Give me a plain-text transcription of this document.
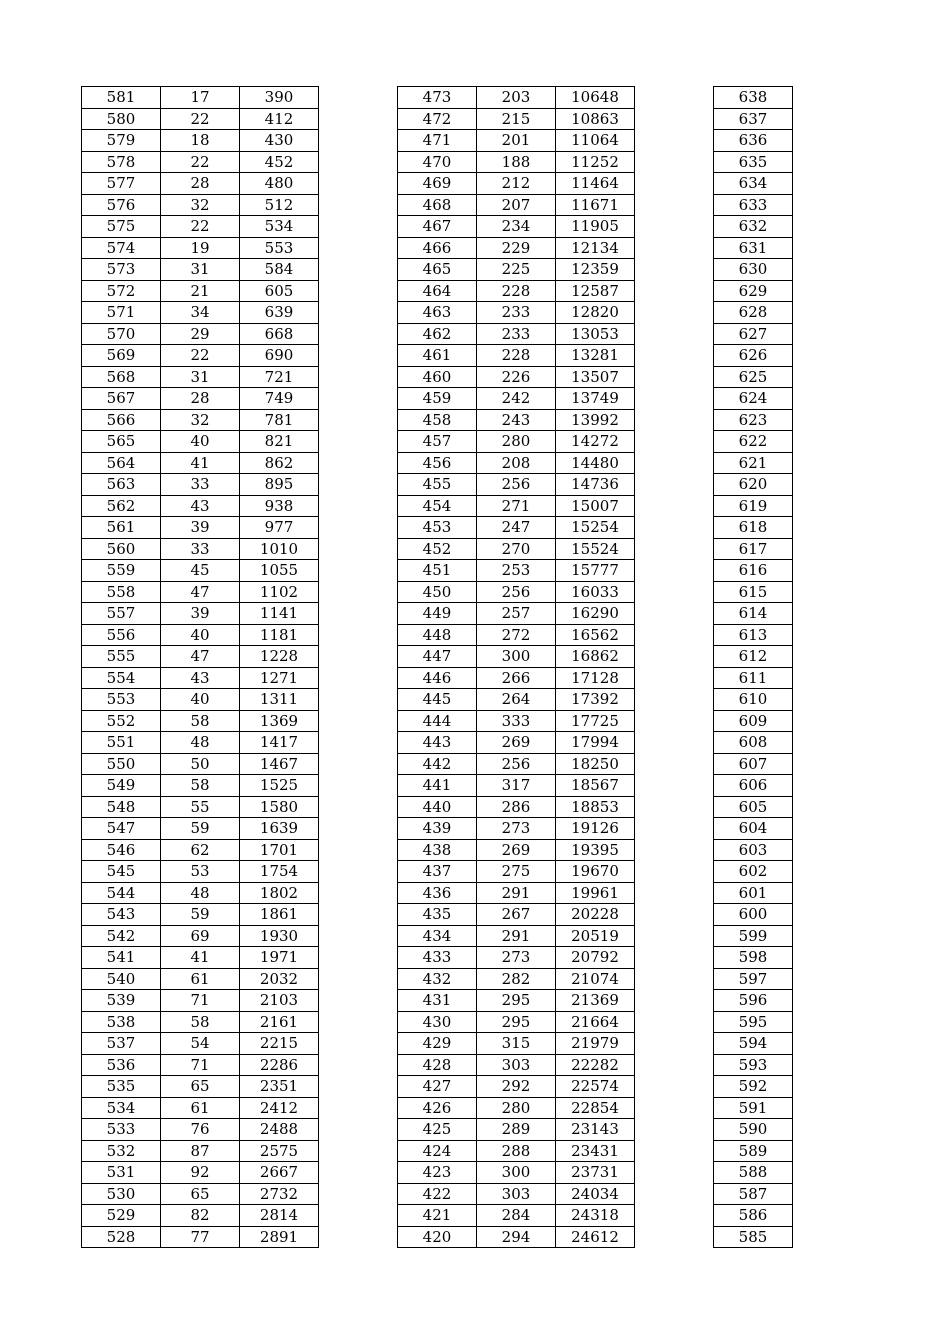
581	17	390
580	22	412
579	18	430
578	22	452
577	28	480
576	32	512
575	22	534
574	19	553
573	31	584
572	21	605
571	34	639
570	29	668
569	22	690
568	31	721
567	28	749
566	32	781
565	40	821
564	41	862
563	33	895
562	43	938
561	39	977
560	33	1010
559	45	1055
558	47	1102
557	39	1141
556	40	1181
555	47	1228
554	43	1271
553	40	1311
552	58	1369
551	48	1417
550	50	1467
549	58	1525
548	55	1580
547	59	1639
546	62	1701
545	53	1754
544	48	1802
543	59	1861
542	69	1930
541	41	1971
540	61	2032
539	71	2103
538	58	2161
537	54	2215
536	71	2286
535	65	2351
534	61	2412
533	76	2488
532	87	2575
531	92	2667
530	65	2732
529	82	2814
528	77	2891
473	203	10648
472	215	10863
471	201	11064
470	188	11252
469	212	11464
468	207	11671
467	234	11905
466	229	12134
465	225	12359
464	228	12587
463	233	12820
462	233	13053
461	228	13281
460	226	13507
459	242	13749
458	243	13992
457	280	14272
456	208	14480
455	256	14736
454	271	15007
453	247	15254
452	270	15524
451	253	15777
450	256	16033
449	257	16290
448	272	16562
447	300	16862
446	266	17128
445	264	17392
444	333	17725
443	269	17994
442	256	18250
441	317	18567
440	286	18853
439	273	19126
438	269	19395
437	275	19670
436	291	19961
435	267	20228
434	291	20519
433	273	20792
432	282	21074
431	295	21369
430	295	21664
429	315	21979
428	303	22282
427	292	22574
426	280	22854
425	289	23143
424	288	23431
423	300	23731
422	303	24034
421	284	24318
420	294	24612
638
637
636
635
634
633
632
631
630
629
628
627
626
625
624
623
622
621
620
619
618
617
616
615
614
613
612
611
610
609
608
607
606
605
604
603
602
601
600
599
598
597
596
595
594
593
592
591
590
589
588
587
586
585
